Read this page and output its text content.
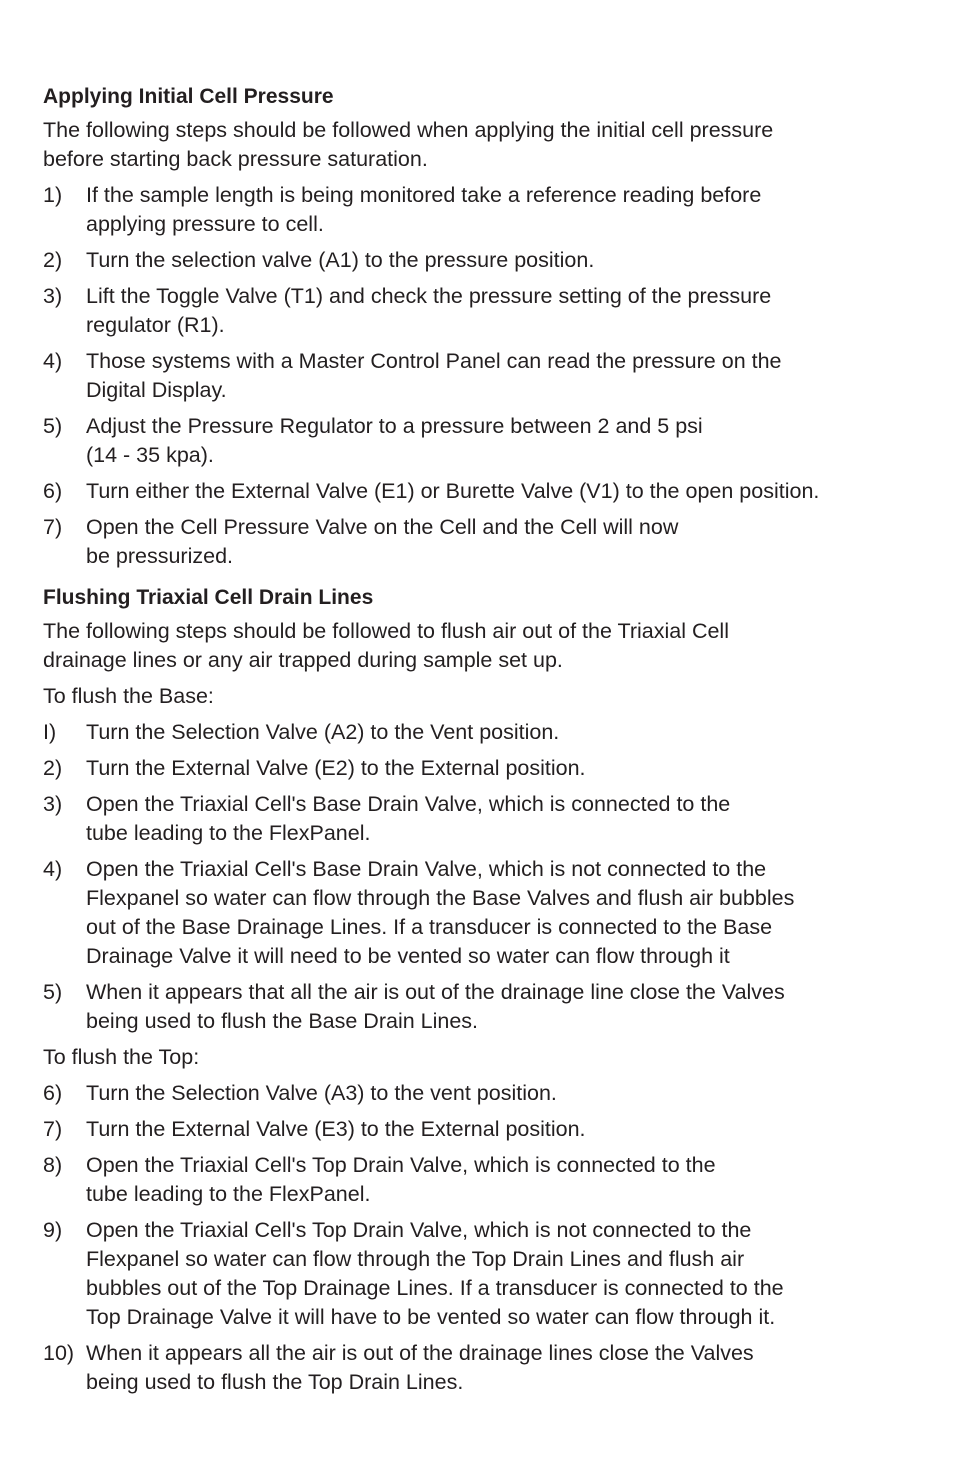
Applying Initial Cell Pressure
The following steps should be followed when applying the initial cell pressure
before starting back pressure saturation.
1)	If the sample length is being monitored take a reference reading before
applying pressure to cell.
2)	Turn the selection valve (A1) to the pressure position.
3)	Lift the Toggle Valve (T1) and check the pressure setting of the pressure
regulator (R1).
4)	Those systems with a Master Control Panel can read the pressure on the
Digital Display.
5)	Adjust the Pressure Regulator to a pressure between 2 and 5 psi
(14 - 35 kpa).
6)	Turn either the External Valve (E1) or Burette Valve (V1) to the open position.
7)	Open the Cell Pressure Valve on the Cell and the Cell will now
be pressurized.
Flushing Triaxial Cell Drain Lines
The following steps should be followed to flush air out of the Triaxial Cell
drainage lines or any air trapped during sample set up.
To flush the Base:
I)	Turn the Selection Valve (A2) to the Vent position.
2)	Turn the External Valve (E2) to the External position.
3)	Open the Triaxial Cell's Base Drain Valve, which is connected to the
tube leading to the FlexPanel.
4)	Open the Triaxial Cell's Base Drain Valve, which is not connected to the
Flexpanel so water can flow through the Base Valves and flush air bubbles
out of the Base Drainage Lines. If a transducer is connected to the Base
Drainage Valve it will need to be vented so water can flow through it
5)	When it appears that all the air is out of the drainage line close the Valves
being used to flush the Base Drain Lines.
To flush the Top:
6)	Turn the Selection Valve (A3) to the vent position.
7)	Turn the External Valve (E3) to the External position.
8)	Open the Triaxial Cell's Top Drain Valve, which is connected to the
tube leading to the FlexPanel.
9)	Open the Triaxial Cell's Top Drain Valve, which is not connected to the
Flexpanel so water can flow through the Top Drain Lines and flush air
bubbles out of the Top Drainage Lines. If a transducer is connected to the
Top Drainage Valve it will have to be vented so water can flow through it.
10) When it appears all the air is out of the drainage lines close the Valves
being used to flush the Top Drain Lines.
